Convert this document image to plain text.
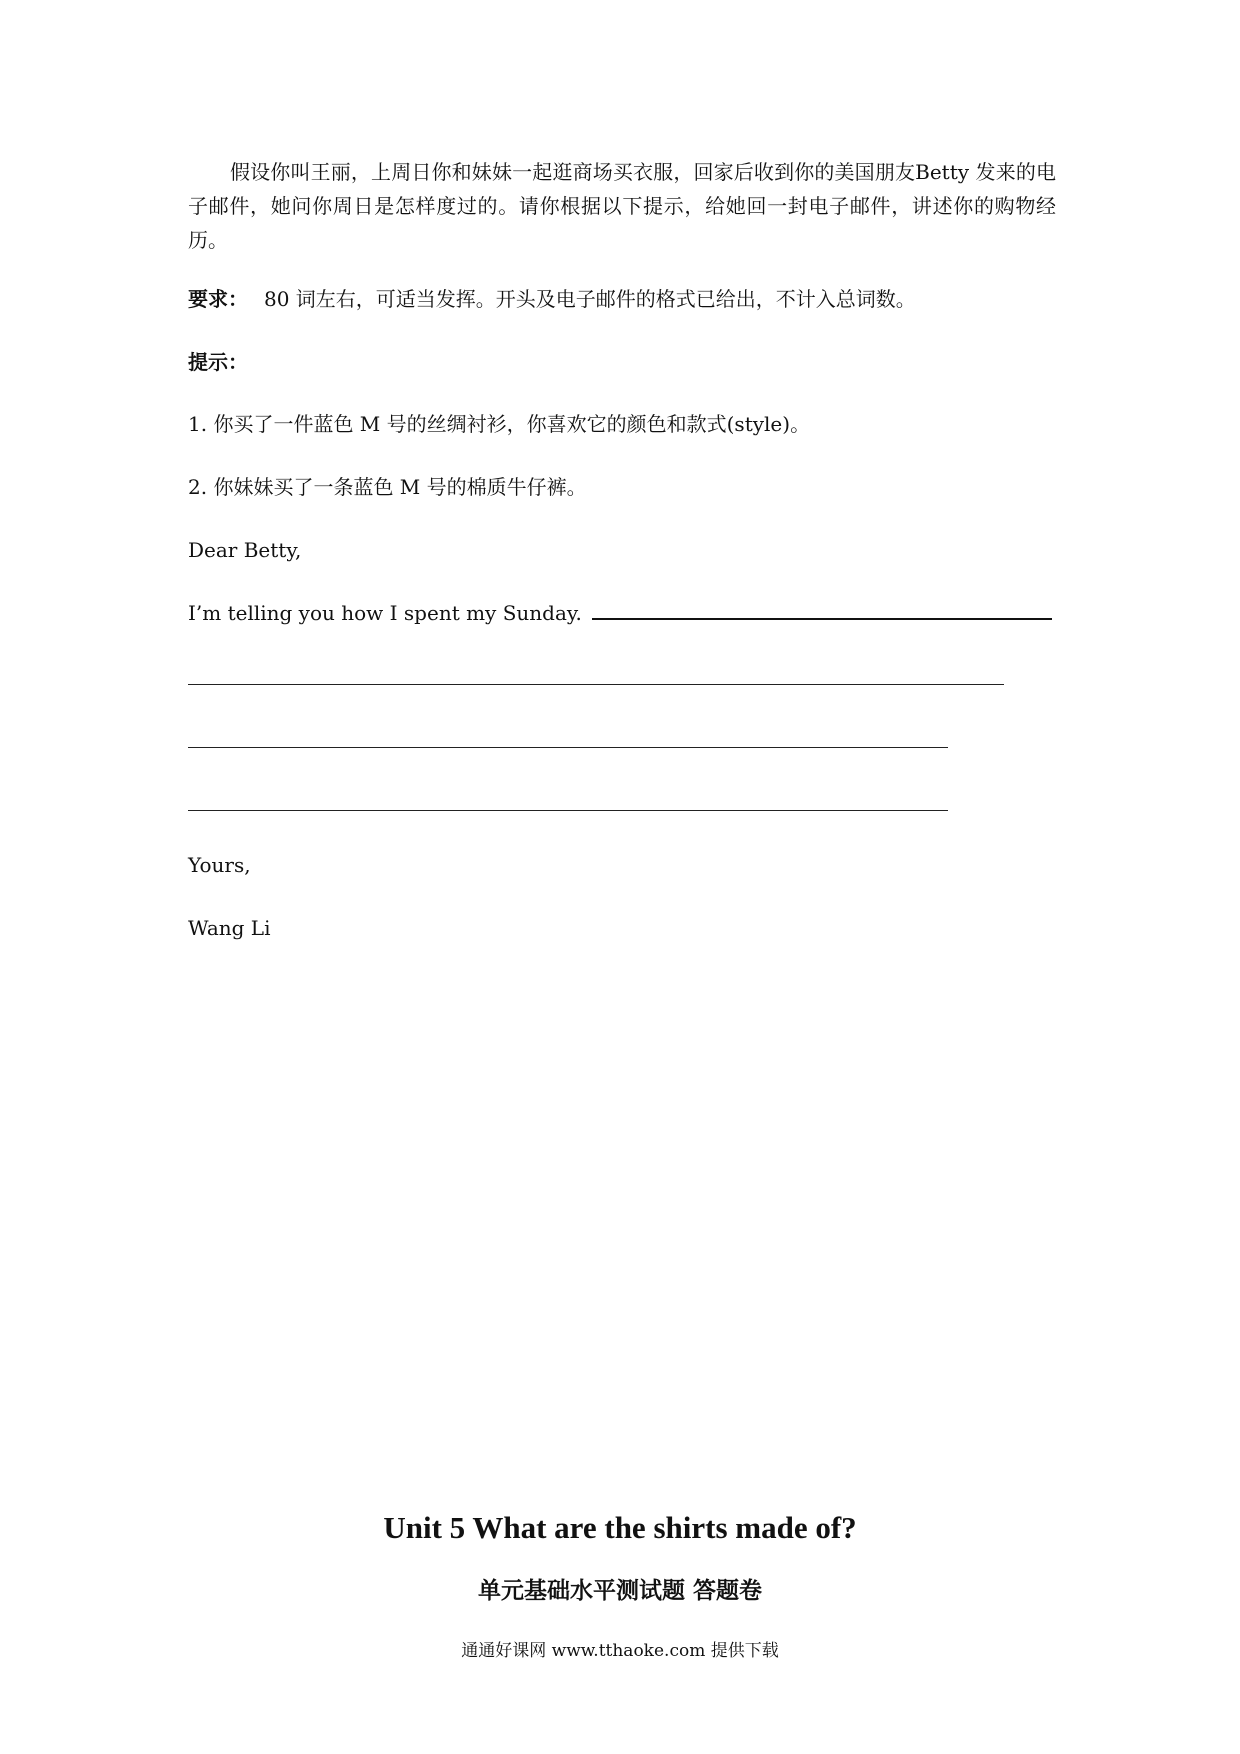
假设你叫王丽，上周日你和妹妹一起逛商场买衣服，回家后收到你的美国朋友Betty 发来的电子邮件，她问你周日是怎样度过的。请你根据以下提示，给她回一封电子邮件，讲述你的购物经历。
要求： 80 词左右，可适当发挥。开头及电子邮件的格式已给出，不计入总词数。
提示：
1. 你买了一件蓝色 M 号的丝绸衬衫，你喜欢它的颜色和款式(style)。
2. 你妹妹买了一条蓝色 M 号的棉质牛仔裤。
Dear Betty,
I’m telling you how I spent my Sunday.
Yours,
Wang Li
Unit 5 What are the shirts made of?
单元基础水平测试题 答题卷
通通好课网 www.tthaoke.com 提供下载
